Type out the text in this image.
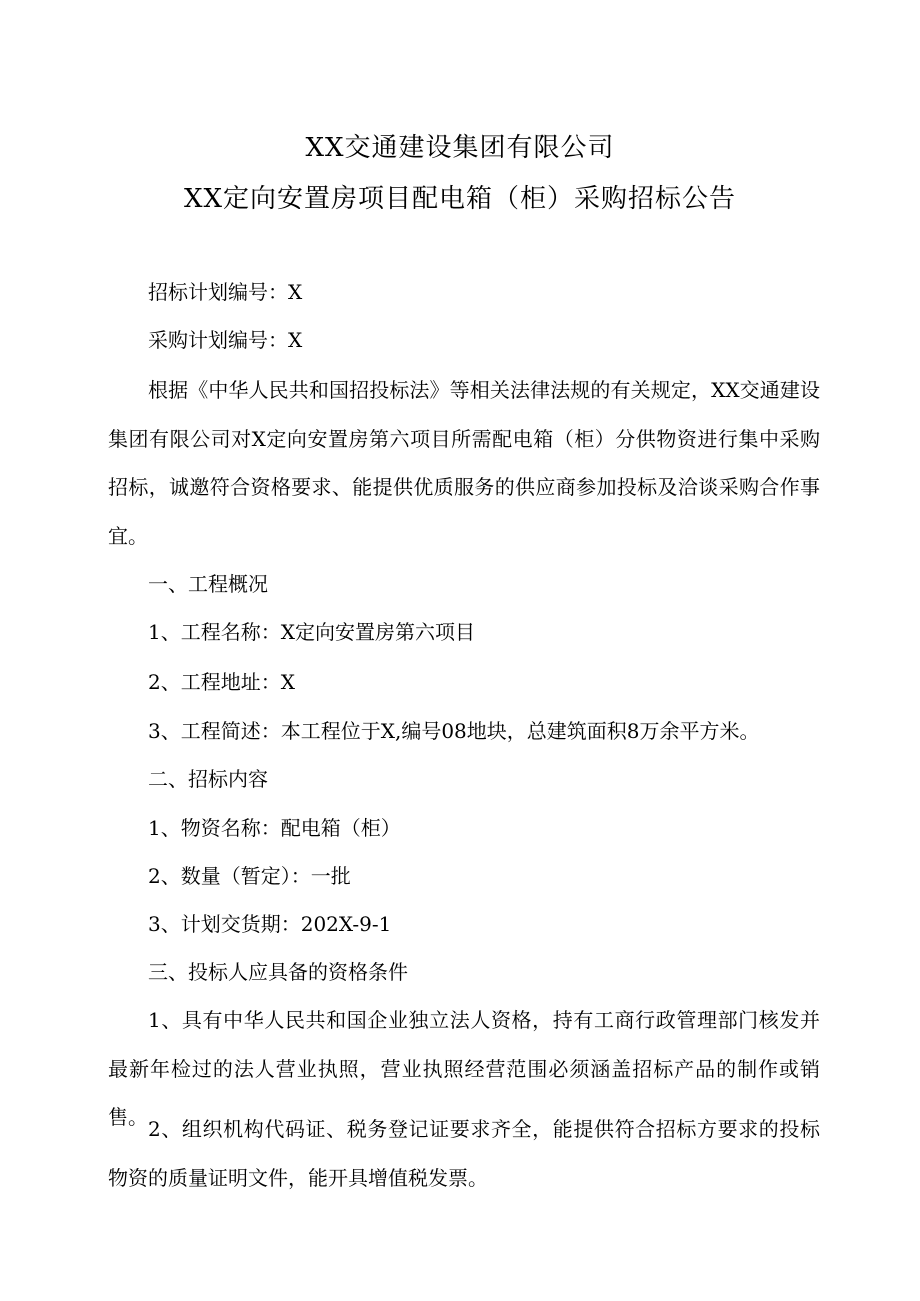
XX交通建设集团有限公司
XX定向安置房项目配电箱（柜）采购招标公告

招标计划编号：X

采购计划编号：X

根据《中华人民共和国招投标法》等相关法律法规的有关规定，XX交通建设集团有限公司对X定向安置房第六项目所需配电箱（柜）分供物资进行集中采购招标，诚邀符合资格要求、能提供优质服务的供应商参加投标及洽谈采购合作事宜。

一、工程概况

1、工程名称：X定向安置房第六项目

2、工程地址：X

3、工程简述：本工程位于X,编号08地块，总建筑面积8万余平方米。

二、招标内容

1、物资名称：配电箱（柜）

2、数量（暂定）：一批

3、计划交货期：202X-9-1

三、投标人应具备的资格条件

1、具有中华人民共和国企业独立法人资格，持有工商行政管理部门核发并最新年检过的法人营业执照，营业执照经营范围必须涵盖招标产品的制作或销售。 2、组织机构代码证、税务登记证要求齐全，能提供符合招标方要求的投标物资的质量证明文件，能开具增值税发票。
